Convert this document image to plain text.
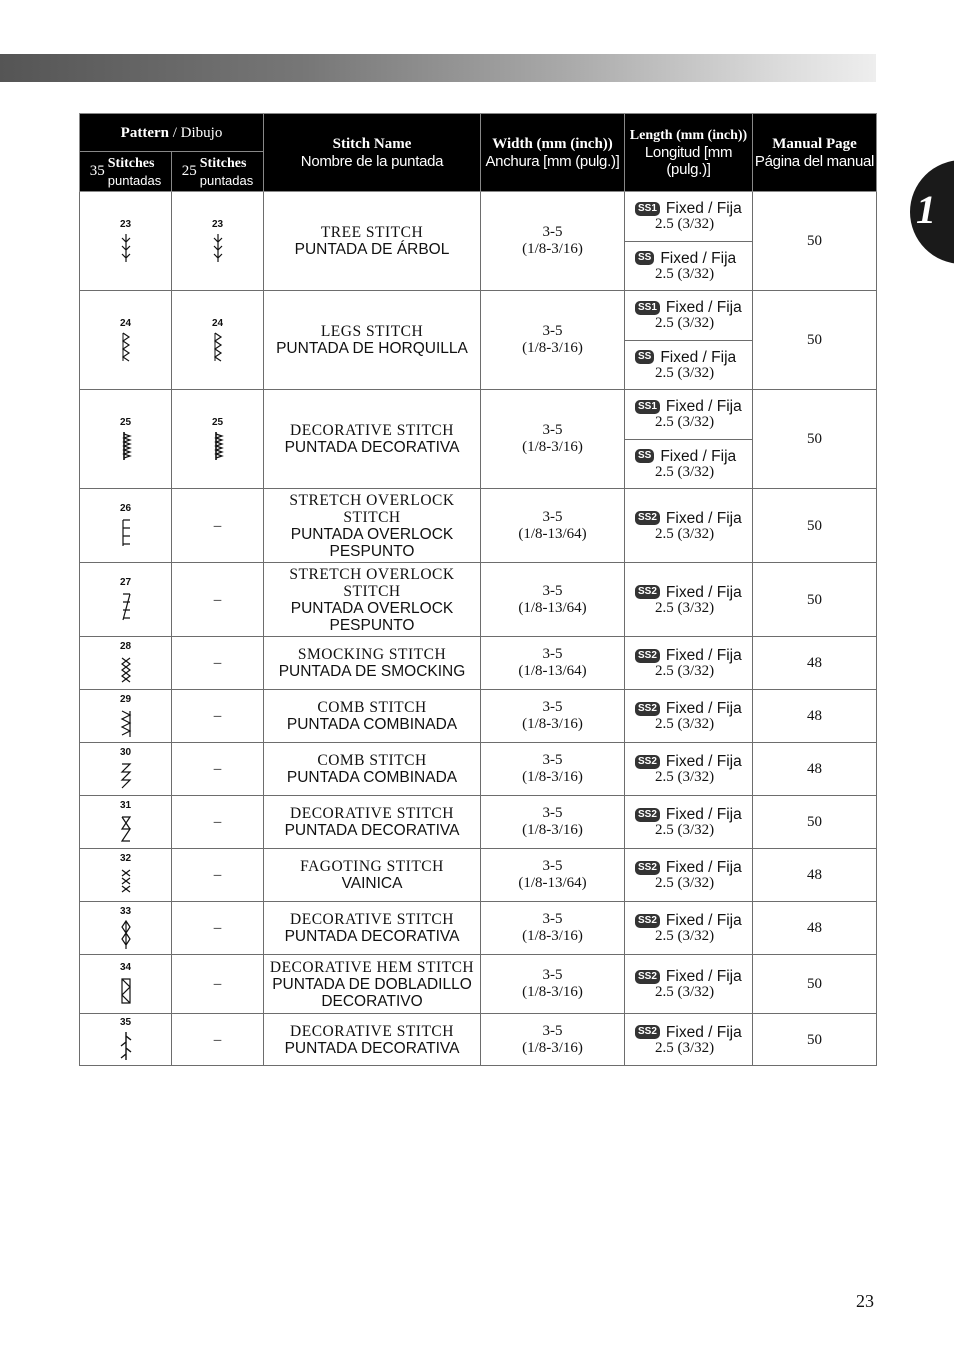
1
Pattern / Dibujo		Stitch Name
Nombre de la puntada	Width (mm (inch))
Anchura [mm (pulg.)]	Length (mm (inch))
Longitud [mm (pulg.)]	Manual Page
Página del manual

35 Stitches
puntadas	25 Stitches
puntadas				

23	23	TREE STITCH
PUNTADA DE ÁRBOL	3-5
(1/8-3/16)	SS1 Fixed / Fija
2.5 (3/32)	50

				SS Fixed / Fija
2.5 (3/32)	

24	24	LEGS STITCH
PUNTADA DE HORQUILLA	3-5
(1/8-3/16)	SS1 Fixed / Fija
2.5 (3/32)	50

				SS Fixed / Fija
2.5 (3/32)	

25	25	DECORATIVE STITCH
PUNTADA DECORATIVA	3-5
(1/8-3/16)	SS1 Fixed / Fija
2.5 (3/32)	50

				SS Fixed / Fija
2.5 (3/32)	

26	–	STRETCH OVERLOCK STITCH
PUNTADA OVERLOCK PESPUNTO	3-5
(1/8-13/64)	SS2 Fixed / Fija
2.5 (3/32)	50

27	–	STRETCH OVERLOCK STITCH
PUNTADA OVERLOCK PESPUNTO	3-5
(1/8-13/64)	SS2 Fixed / Fija
2.5 (3/32)	50

28	–	SMOCKING STITCH
PUNTADA DE SMOCKING	3-5
(1/8-13/64)	SS2 Fixed / Fija
2.5 (3/32)	48

29	–	COMB STITCH
PUNTADA COMBINADA	3-5
(1/8-3/16)	SS2 Fixed / Fija
2.5 (3/32)	48

30	–	COMB STITCH
PUNTADA COMBINADA	3-5
(1/8-3/16)	SS2 Fixed / Fija
2.5 (3/32)	48

31	–	DECORATIVE STITCH
PUNTADA DECORATIVA	3-5
(1/8-3/16)	SS2 Fixed / Fija
2.5 (3/32)	50

32	–	FAGOTING STITCH
VAINICA	3-5
(1/8-13/64)	SS2 Fixed / Fija
2.5 (3/32)	48

33	–	DECORATIVE STITCH
PUNTADA DECORATIVA	3-5
(1/8-3/16)	SS2 Fixed / Fija
2.5 (3/32)	48

34	–	DECORATIVE HEM STITCH
PUNTADA DE DOBLADILLO DECORATIVO	3-5
(1/8-3/16)	SS2 Fixed / Fija
2.5 (3/32)	50

35	–	DECORATIVE STITCH
PUNTADA DECORATIVA	3-5
(1/8-3/16)	SS2 Fixed / Fija
2.5 (3/32)	50
23
